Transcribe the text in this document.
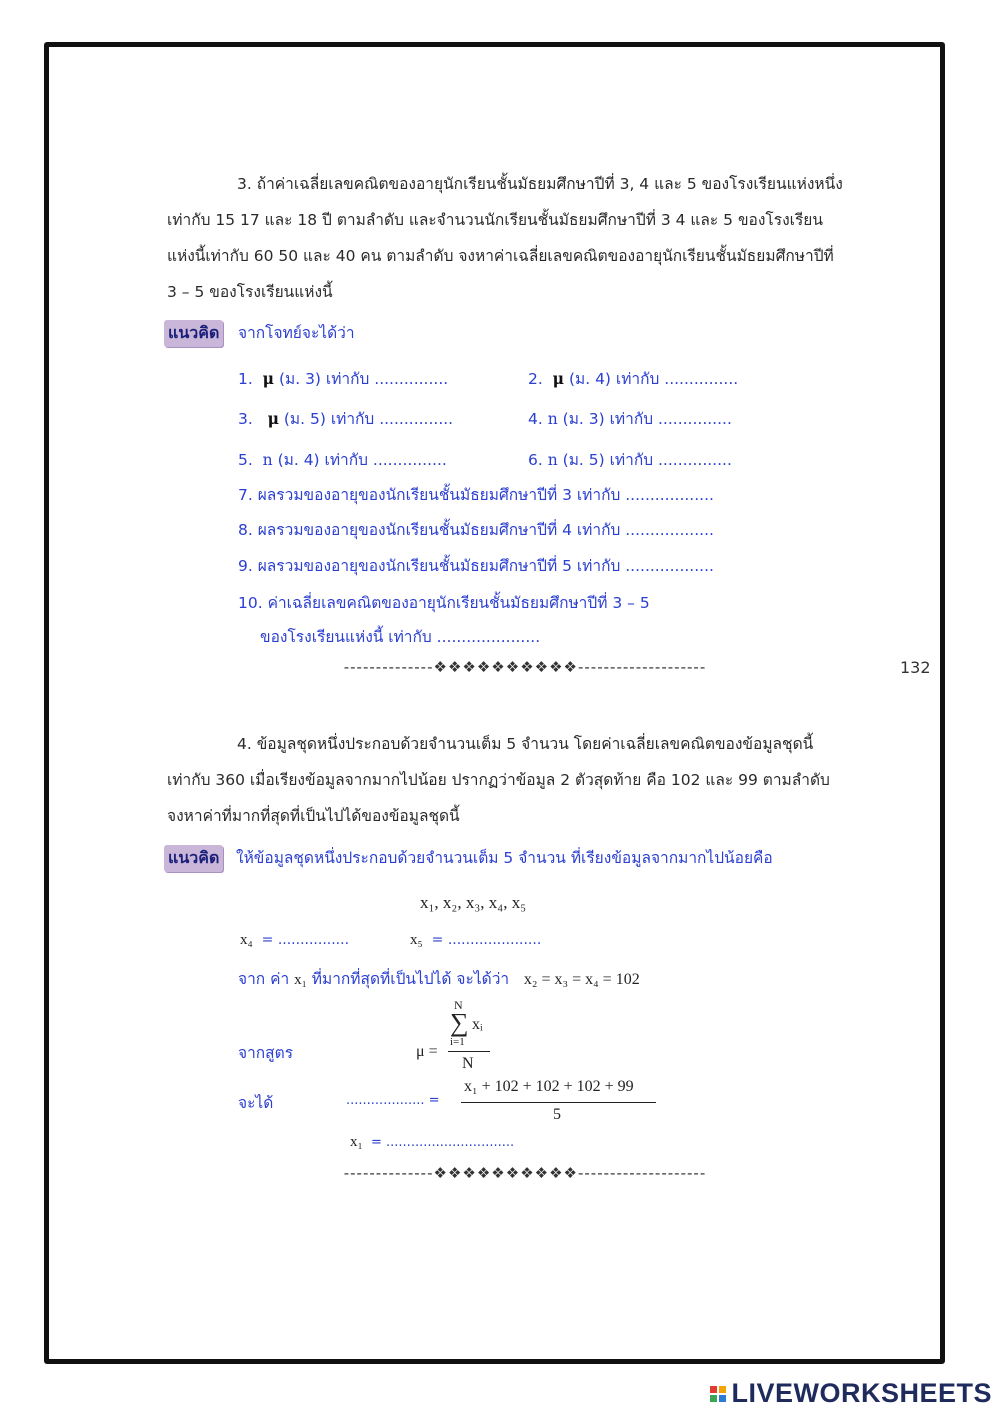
3. ถ้าค่าเฉลี่ยเลขคณิตของอายุนักเรียนชั้นมัธยมศึกษาปีที่ 3, 4 และ 5 ของโรงเรียนแห่งหนึ่ง
เท่ากับ 15 17 และ 18 ปี ตามลำดับ และจำนวนนักเรียนชั้นมัธยมศึกษาปีที่ 3 4 และ 5 ของโรงเรียน
แห่งนี้เท่ากับ 60 50 และ 40 คน ตามลำดับ จงหาค่าเฉลี่ยเลขคณิตของอายุนักเรียนชั้นมัธยมศึกษาปีที่
3 – 5 ของโรงเรียนแห่งนี้
แนวคิด จากโจทย์จะได้ว่า
1. μ (ม. 3) เท่ากับ ...............	2. μ (ม. 4) เท่ากับ ...............
3. μ (ม. 5) เท่ากับ ...............	4. n (ม. 3) เท่ากับ ...............
5. n (ม. 4) เท่ากับ ...............	6. n (ม. 5) เท่ากับ ...............
7. ผลรวมของอายุของนักเรียนชั้นมัธยมศึกษาปีที่ 3 เท่ากับ ..................
8. ผลรวมของอายุของนักเรียนชั้นมัธยมศึกษาปีที่ 4 เท่ากับ ..................
9. ผลรวมของอายุของนักเรียนชั้นมัธยมศึกษาปีที่ 5 เท่ากับ ..................
10. ค่าเฉลี่ยเลขคณิตของอายุนักเรียนชั้นมัธยมศึกษาปีที่ 3 – 5
ของโรงเรียนแห่งนี้ เท่ากับ .....................
--------------❖❖❖❖❖❖❖❖❖❖--------------------	132
4. ข้อมูลชุดหนึ่งประกอบด้วยจำนวนเต็ม 5 จำนวน โดยค่าเฉลี่ยเลขคณิตของข้อมูลชุดนี้
เท่ากับ 360 เมื่อเรียงข้อมูลจากมากไปน้อย ปรากฏว่าข้อมูล 2 ตัวสุดท้าย คือ 102 และ 99 ตามลำดับ
จงหาค่าที่มากที่สุดที่เป็นไปได้ของข้อมูลชุดนี้
แนวคิด ให้ข้อมูลชุดหนึ่งประกอบด้วยจำนวนเต็ม 5 จำนวน ที่เรียงข้อมูลจากมากไปน้อยคือ
x₁, x₂, x₃, x₄, x₅
x₄ = ................	x₅ = .....................
จาก ค่า x₁ ที่มากที่สุดที่เป็นไปได้ จะได้ว่า x₂ = x₃ = x₄ = 102
จากสูตร	μ =
N
∑ xᵢ
i=1
N
จะได้	................... =
x₁ + 102 + 102 + 102 + 99
5
x₁ = ...............................
--------------❖❖❖❖❖❖❖❖❖❖--------------------
LIVEWORKSHEETS
